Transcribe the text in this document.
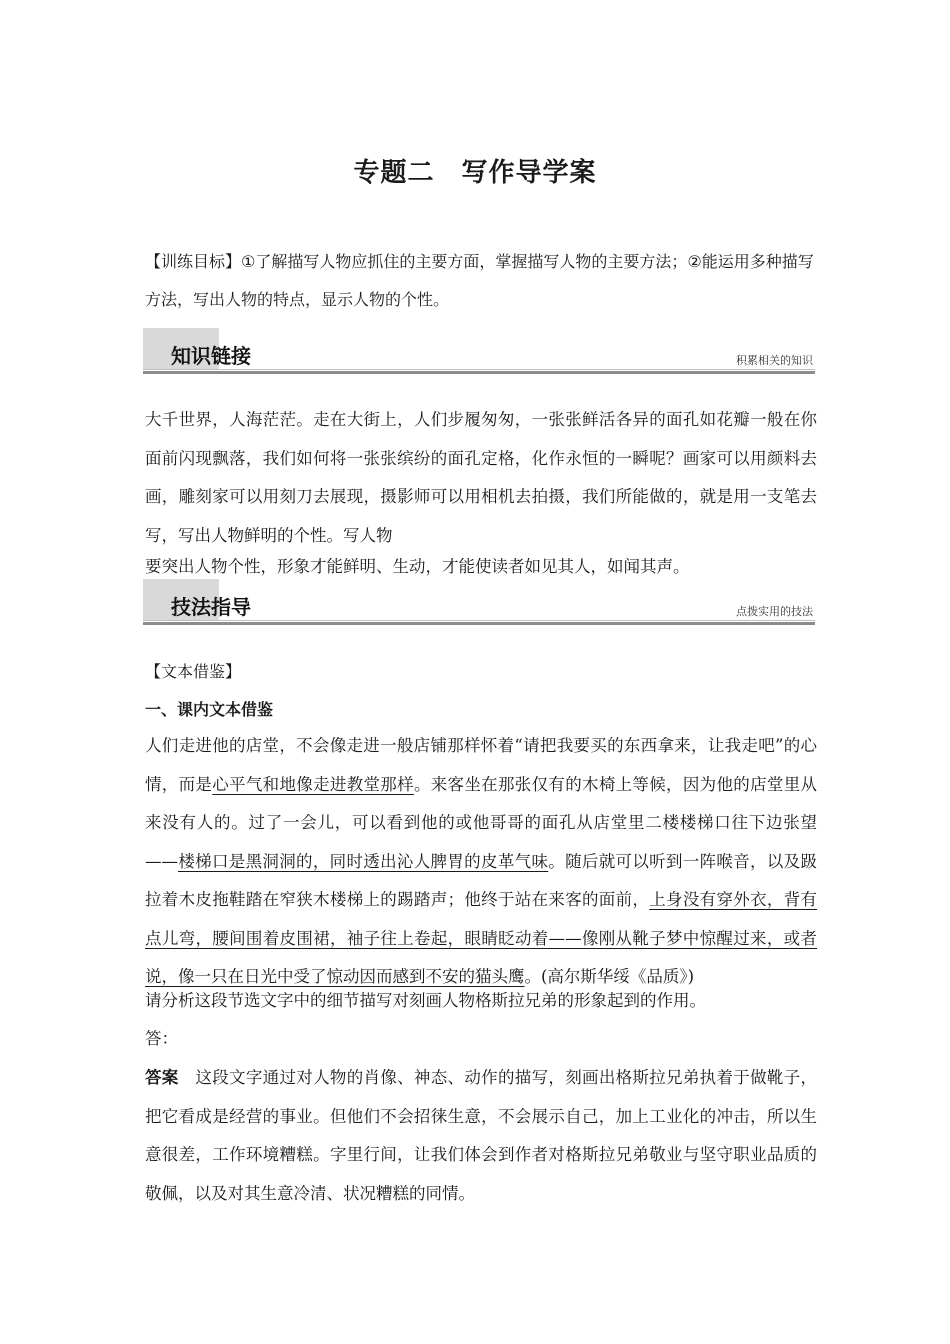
专题二　写作导学案
【训练目标】①了解描写人物应抓住的主要方面，掌握描写人物的主要方法；②能运用多种描写方法，写出人物的特点，显示人物的个性。
知识链接	积累相关的知识

大千世界，人海茫茫。走在大街上，人们步履匆匆，一张张鲜活各异的面孔如花瓣一般在你面前闪现飘落，我们如何将一张张缤纷的面孔定格，化作永恒的一瞬呢？画家可以用颜料去画，雕刻家可以用刻刀去展现，摄影师可以用相机去拍摄，我们所能做的，就是用一支笔去写，写出人物鲜明的个性。写人物

要突出人物个性，形象才能鲜明、生动，才能使读者如见其人，如闻其声。

技法指导	点拨实用的技法
【文本借鉴】
一、课内文本借鉴

人们走进他的店堂，不会像走进一般店铺那样怀着“请把我要买的东西拿来，让我走吧”的心情，而是心平气和地像走进教堂那样。来客坐在那张仅有的木椅上等候，因为他的店堂里从来没有人的。过了一会儿，可以看到他的或他哥哥的面孔从店堂里二楼楼梯口往下边张望——楼梯口是黑洞洞的，同时透出沁人脾胃的皮革气味。随后就可以听到一阵喉音，以及趿拉着木皮拖鞋踏在窄狭木楼梯上的踢踏声；他终于站在来客的面前，上身没有穿外衣，背有点儿弯，腰间围着皮围裙，袖子往上卷起，眼睛眨动着——像刚从靴子梦中惊醒过来，或者说，像一只在日光中受了惊动因而感到不安的猫头鹰。(高尔斯华绥《品质》)

请分析这段节选文字中的细节描写对刻画人物格斯拉兄弟的形象起到的作用。

答：

答案　这段文字通过对人物的肖像、神态、动作的描写，刻画出格斯拉兄弟执着于做靴子，把它看成是经营的事业。但他们不会招徕生意，不会展示自己，加上工业化的冲击，所以生意很差，工作环境糟糕。字里行间，让我们体会到作者对格斯拉兄弟敬业与坚守职业品质的敬佩，以及对其生意冷清、状况糟糕的同情。
